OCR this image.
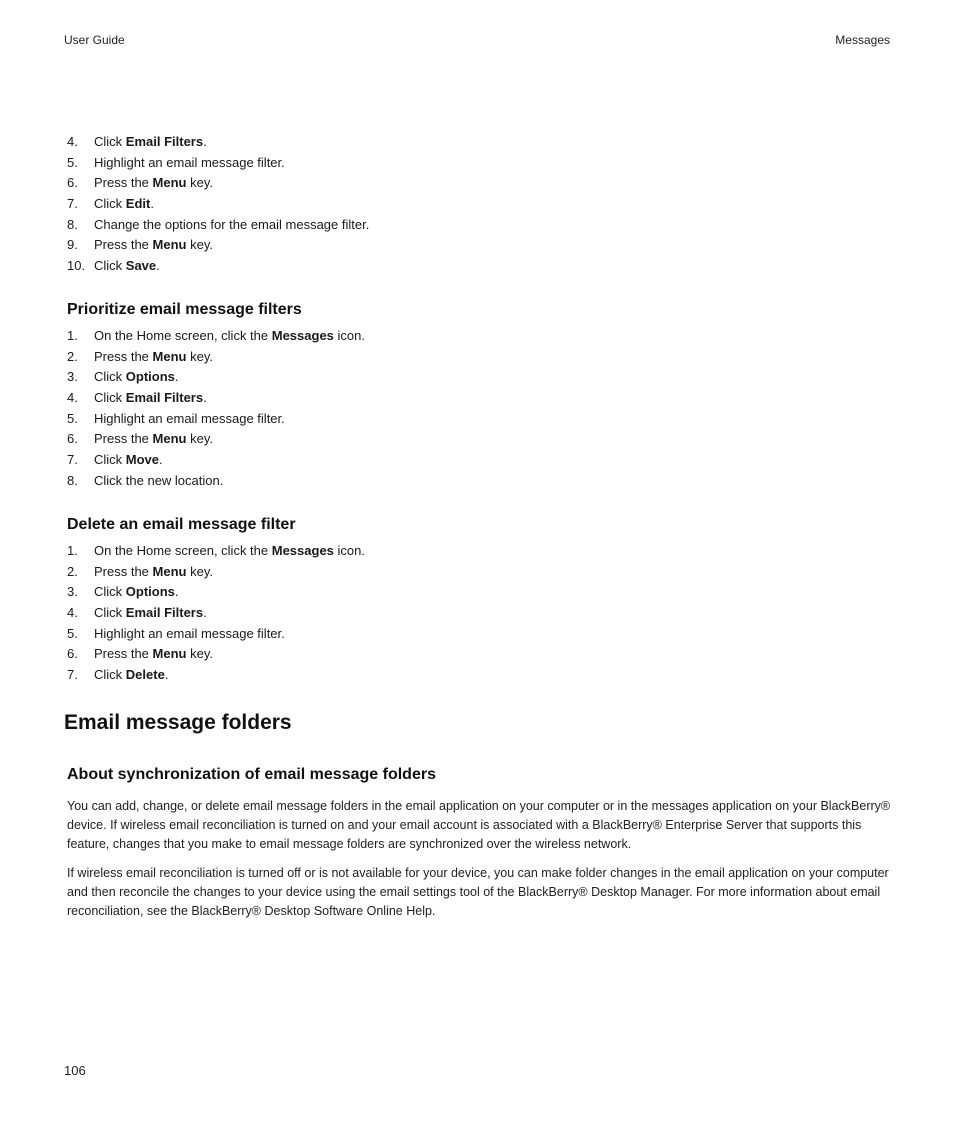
User Guide	Messages
4. Click Email Filters.
5. Highlight an email message filter.
6. Press the Menu key.
7. Click Edit.
8. Change the options for the email message filter.
9. Press the Menu key.
10. Click Save.
Prioritize email message filters
1. On the Home screen, click the Messages icon.
2. Press the Menu key.
3. Click Options.
4. Click Email Filters.
5. Highlight an email message filter.
6. Press the Menu key.
7. Click Move.
8. Click the new location.
Delete an email message filter
1. On the Home screen, click the Messages icon.
2. Press the Menu key.
3. Click Options.
4. Click Email Filters.
5. Highlight an email message filter.
6. Press the Menu key.
7. Click Delete.
Email message folders
About synchronization of email message folders

You can add, change, or delete email message folders in the email application on your computer or in the messages application on your BlackBerry® device. If wireless email reconciliation is turned on and your email account is associated with a BlackBerry® Enterprise Server that supports this feature, changes that you make to email message folders are synchronized over the wireless network.

If wireless email reconciliation is turned off or is not available for your device, you can make folder changes in the email application on your computer and then reconcile the changes to your device using the email settings tool of the BlackBerry® Desktop Manager. For more information about email reconciliation, see the BlackBerry® Desktop Software Online Help.

106
